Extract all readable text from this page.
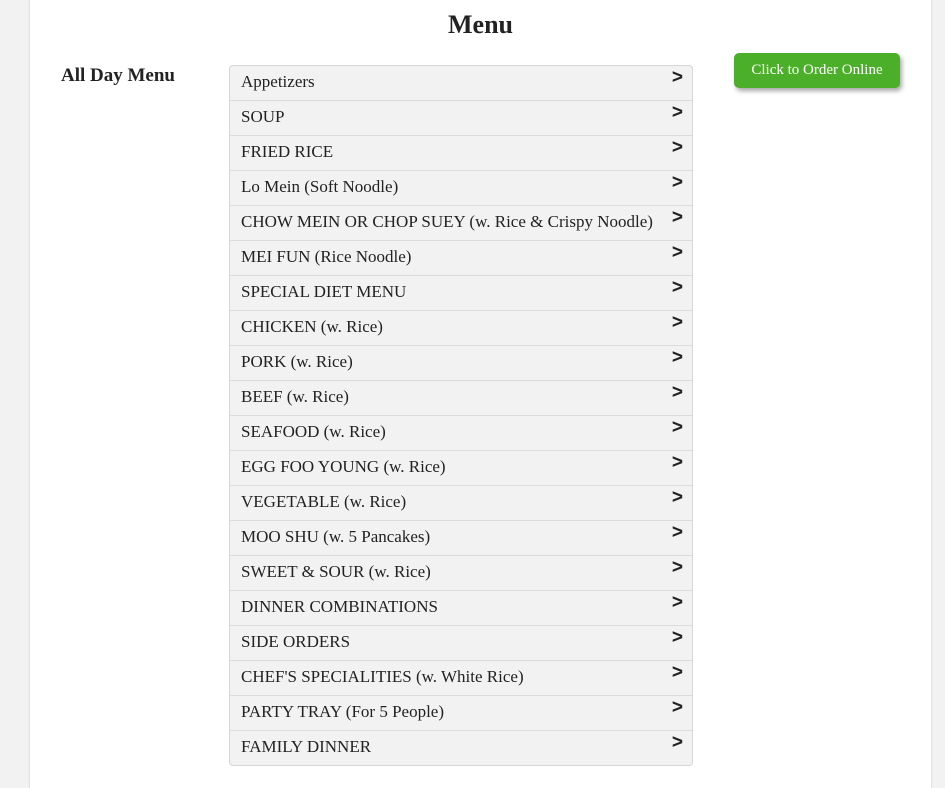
Menu
All Day Menu	Appetizers	>
SOUP	>
FRIED RICE	>
Lo Mein (Soft Noodle)	>
CHOW MEIN OR CHOP SUEY (w. Rice & Crispy Noodle) >
MEI FUN (Rice Noodle)	>
SPECIAL DIET MENU	>
CHICKEN (w. Rice)	>
PORK (w. Rice)	>
BEEF (w. Rice)	>
SEAFOOD (w. Rice)	>
EGG FOO YOUNG (w. Rice)	>
VEGETABLE (w. Rice)	>
MOO SHU (w. 5 Pancakes)	>
SWEET & SOUR (w. Rice)	>
DINNER COMBINATIONS	>
SIDE ORDERS	>
CHEF'S SPECIALITIES (w. White Rice)	>
PARTY TRAY (For 5 People)	>
FAMILY DINNER	>
Click to Order Online
